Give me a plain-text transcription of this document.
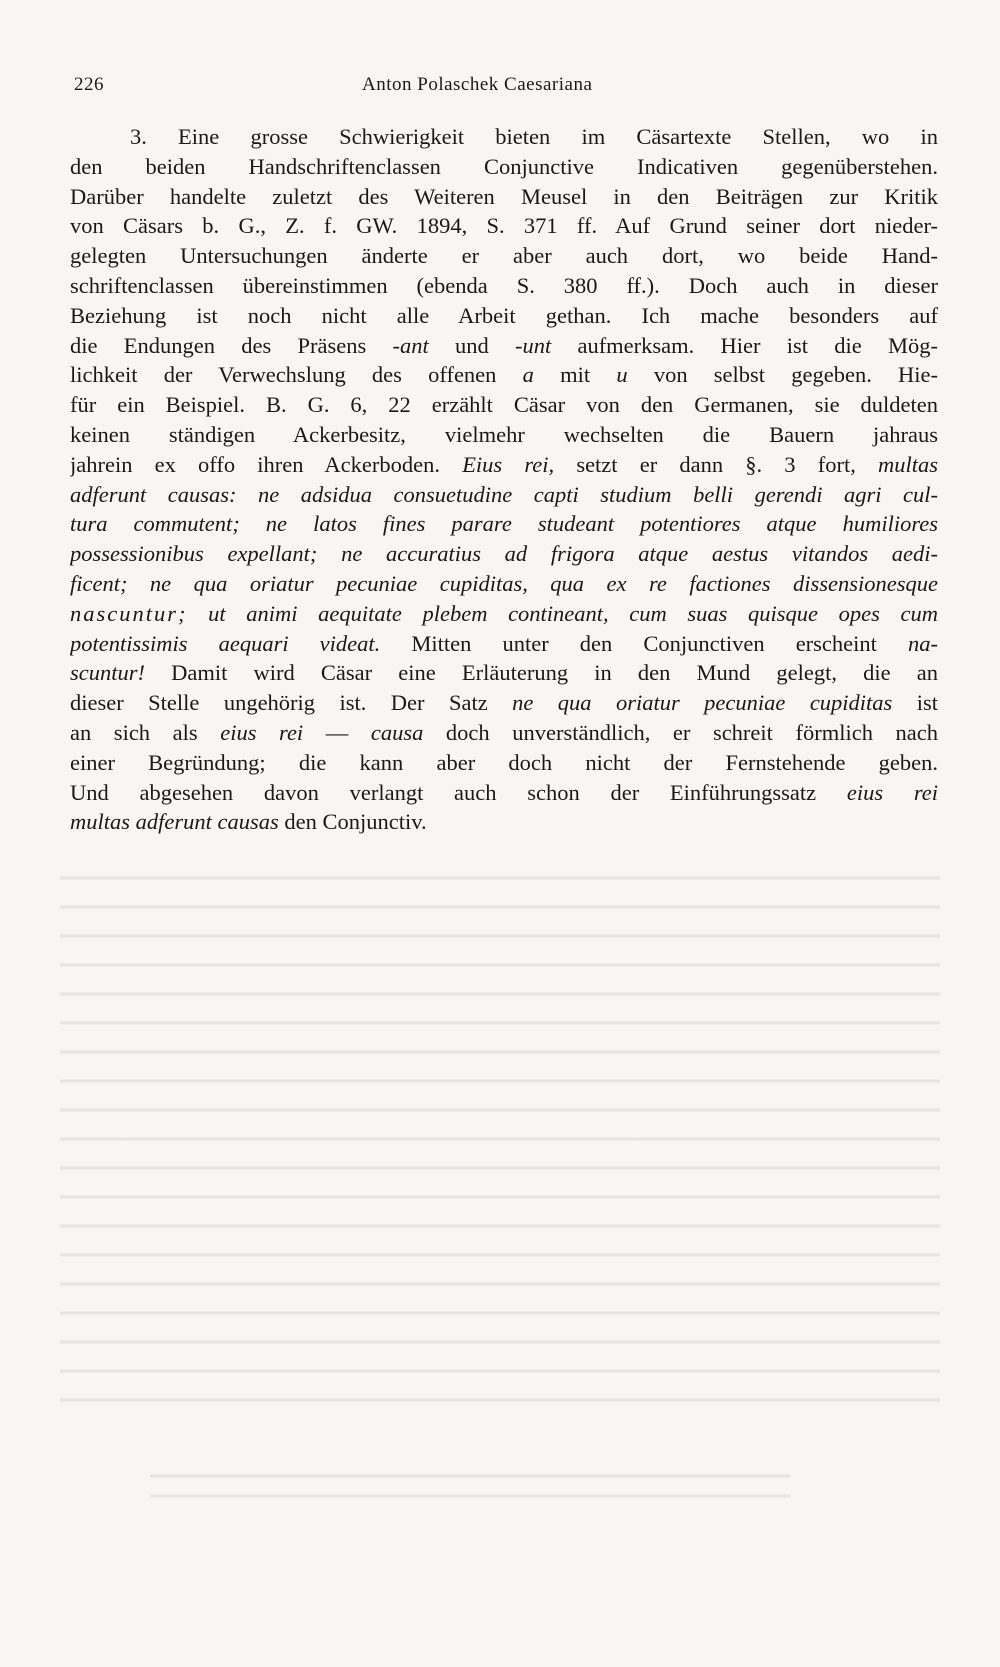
226	Anton Polaschek Caesariana
3. Eine grosse Schwierigkeit bieten im Cäsartexte Stellen, wo in
den beiden Handschriftenclassen Conjunctive Indicativen gegenüberstehen.
Darüber handelte zuletzt des Weiteren Meusel in den Beiträgen zur Kritik
von Cäsars b. G., Z. f. GW. 1894, S. 371 ff. Auf Grund seiner dort nieder-
gelegten Untersuchungen änderte er aber auch dort, wo beide Hand-
schriftenclassen übereinstimmen (ebenda S. 380 ff.). Doch auch in dieser
Beziehung ist noch nicht alle Arbeit gethan. Ich mache besonders auf
die Endungen des Präsens -ant und -unt aufmerksam. Hier ist die Mög-
lichkeit der Verwechslung des offenen a mit u von selbst gegeben. Hie-
für ein Beispiel. B. G. 6, 22 erzählt Cäsar von den Germanen, sie duldeten
keinen ständigen Ackerbesitz, vielmehr wechselten die Bauern jahraus
jahrein ex offo ihren Ackerboden. Eius rei, setzt er dann §. 3 fort, multas
adferunt causas: ne adsidua consuetudine capti studium belli gerendi agri cul-
tura commutent; ne latos fines parare studeant potentiores atque humiliores
possessionibus expellant; ne accuratius ad frigora atque aestus vitandos aedi-
ficent; ne qua oriatur pecuniae cupiditas, qua ex re factiones dissensionesque
nascuntur; ut animi aequitate plebem contineant, cum suas quisque opes cum
potentissimis aequari videat. Mitten unter den Conjunctiven erscheint na-
scuntur! Damit wird Cäsar eine Erläuterung in den Mund gelegt, die an
dieser Stelle ungehörig ist. Der Satz ne qua oriatur pecuniae cupiditas ist
an sich als eius rei — causa doch unverständlich, er schreit förmlich nach
einer Begründung; die kann aber doch nicht der Fernstehende geben.
Und abgesehen davon verlangt auch schon der Einführungssatz eius rei
multas adferunt causas den Conjunctiv.
